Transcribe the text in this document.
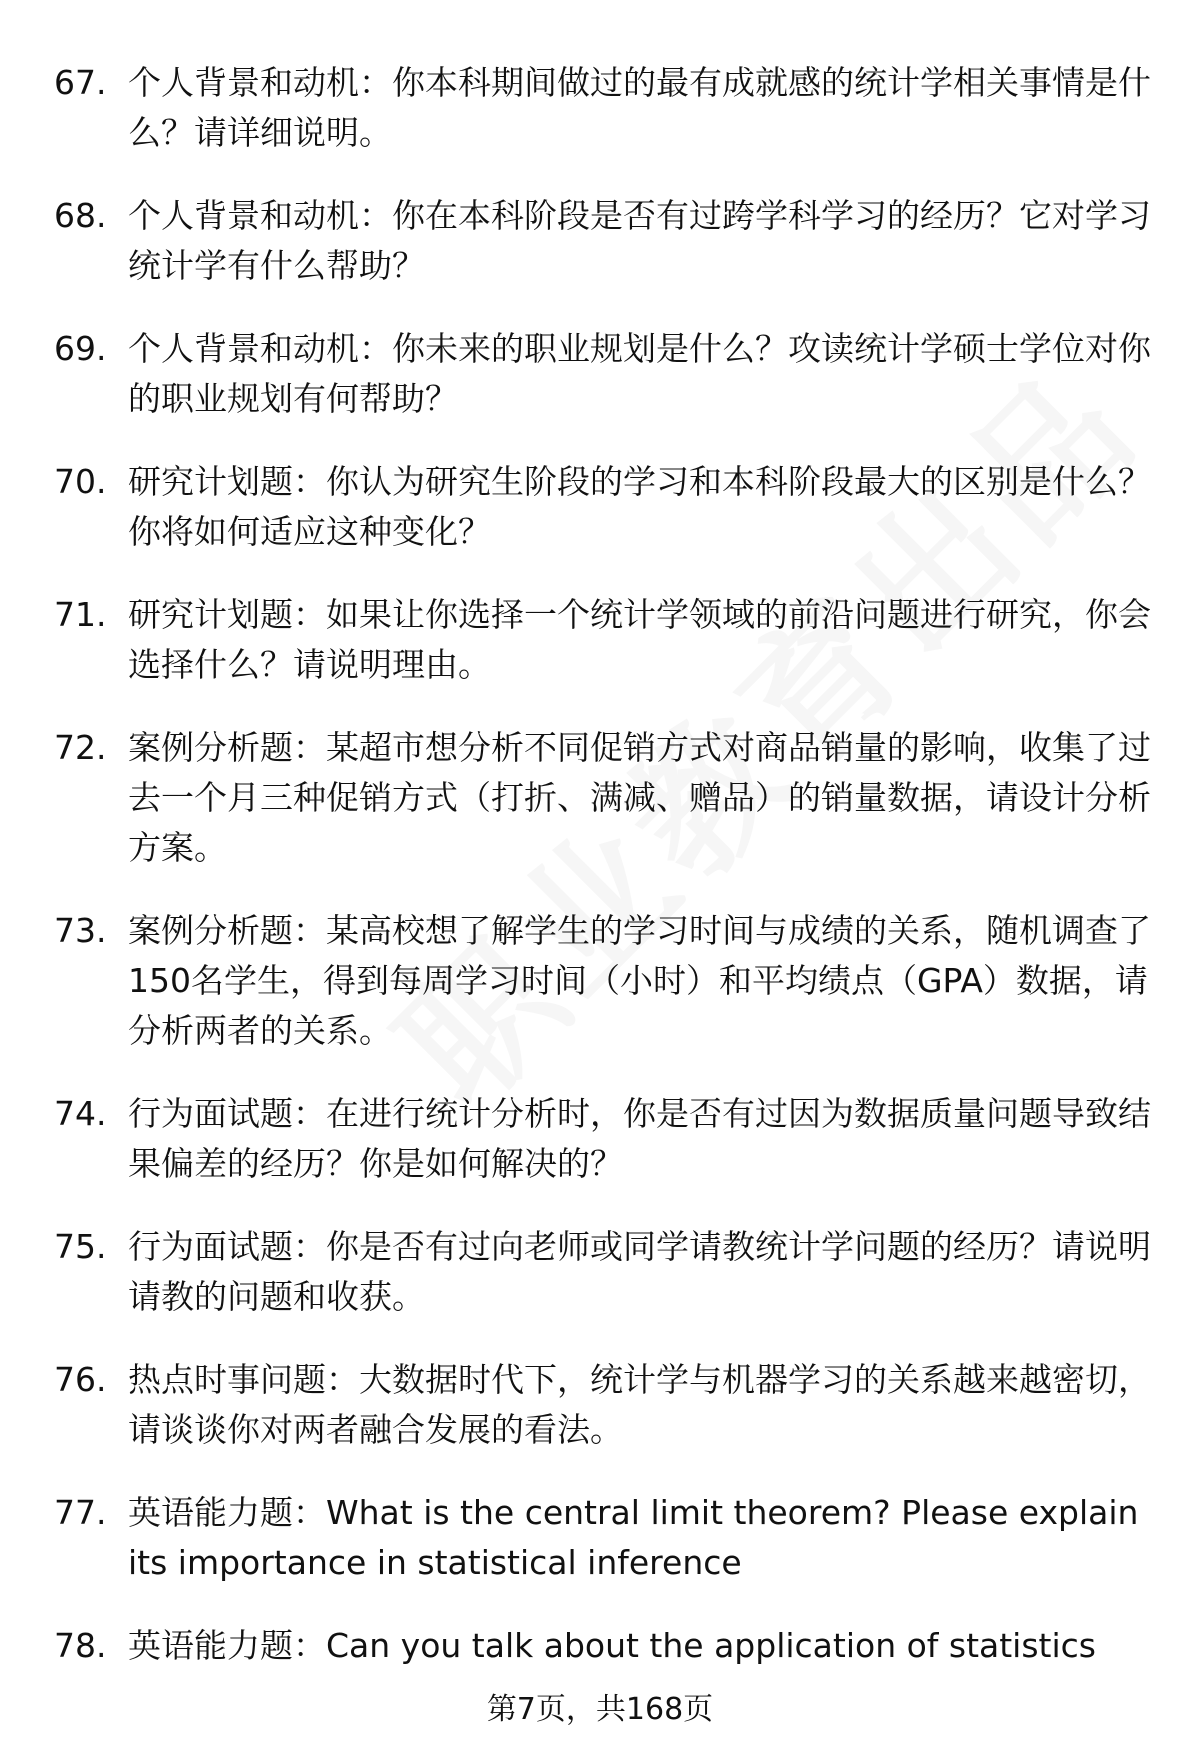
67. 个人背景和动机：你本科期间做过的最有成就感的统计学相关事情是什么？请详细说明。
68. 个人背景和动机：你在本科阶段是否有过跨学科学习的经历？它对学习统计学有什么帮助？
69. 个人背景和动机：你未来的职业规划是什么？攻读统计学硕士学位对你的职业规划有何帮助？
70. 研究计划题：你认为研究生阶段的学习和本科阶段最大的区别是什么？你将如何适应这种变化？
71. 研究计划题：如果让你选择一个统计学领域的前沿问题进行研究，你会选择什么？请说明理由。
72. 案例分析题：某超市想分析不同促销方式对商品销量的影响，收集了过去一个月三种促销方式（打折、满减、赠品）的销量数据，请设计分析方案。
73. 案例分析题：某高校想了解学生的学习时间与成绩的关系，随机调查了150名学生，得到每周学习时间（小时）和平均绩点（GPA）数据，请分析两者的关系。
74. 行为面试题：在进行统计分析时，你是否有过因为数据质量问题导致结果偏差的经历？你是如何解决的？
75. 行为面试题：你是否有过向老师或同学请教统计学问题的经历？请说明请教的问题和收获。
76. 热点时事问题：大数据时代下，统计学与机器学习的关系越来越密切，请谈谈你对两者融合发展的看法。
77. 英语能力题：What is the central limit theorem? Please explain its importance in statistical inference
78. 英语能力题：Can you talk about the application of statistics
第7页，共168页
